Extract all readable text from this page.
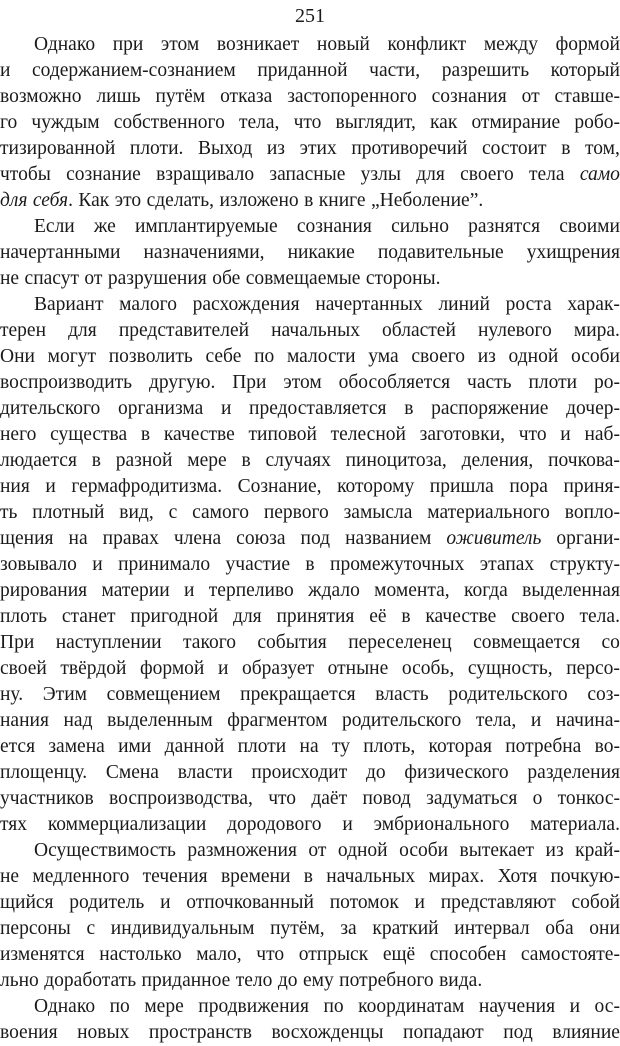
251
Однако при этом возникает новый конфликт между формой
и содержанием-сознанием приданной части, разрешить который
возможно лишь путём отказа застопоренного сознания от ставше-
го чуждым собственного тела, что выглядит, как отмирание робо-
тизированной плоти. Выход из этих противоречий состоит в том,
чтобы сознание взращивало запасные узлы для своего тела само
для себя. Как это сделать, изложено в книге „Неболение”.
Если же имплантируемые сознания сильно разнятся своими
начертанными назначениями, никакие подавительные ухищрения
не спасут от разрушения обе совмещаемые стороны.
Вариант малого расхождения начертанных линий роста харак-
терен для представителей начальных областей нулевого мира.
Они могут позволить себе по малости ума своего из одной особи
воспроизводить другую. При этом обособляется часть плоти ро-
дительского организма и предоставляется в распоряжение дочер-
него существа в качестве типовой телесной заготовки, что и наб-
людается в разной мере в случаях пиноцитоза, деления, почкова-
ния и гермафродитизма. Сознание, которому пришла пора приня-
ть плотный вид, с самого первого замысла материального вопло-
щения на правах члена союза под названием оживитель органи-
зовывало и принимало участие в промежуточных этапах структу-
рирования материи и терпеливо ждало момента, когда выделенная
плоть станет пригодной для принятия её в качестве своего тела.
При наступлении такого события переселенец совмещается со
своей твёрдой формой и образует отныне особь, сущность, персо-
ну. Этим совмещением прекращается власть родительского соз-
нания над выделенным фрагментом родительского тела, и начина-
ется замена ими данной плоти на ту плоть, которая потребна во-
площенцу. Смена власти происходит до физического разделения
участников воспроизводства, что даёт повод задуматься о тонкос-
тях коммерциализации дородового и эмбрионального материала.
Осуществимость размножения от одной особи вытекает из край-
не медленного течения времени в начальных мирах. Хотя почкую-
щийся родитель и отпочкованный потомок и представляют собой
персоны с индивидуальным путём, за краткий интервал оба они
изменятся настолько мало, что отпрыск ещё способен самостояте-
льно доработать приданное тело до ему потребного вида.
Однако по мере продвижения по координатам научения и ос-
воения новых пространств восхожденцы попадают под влияние
